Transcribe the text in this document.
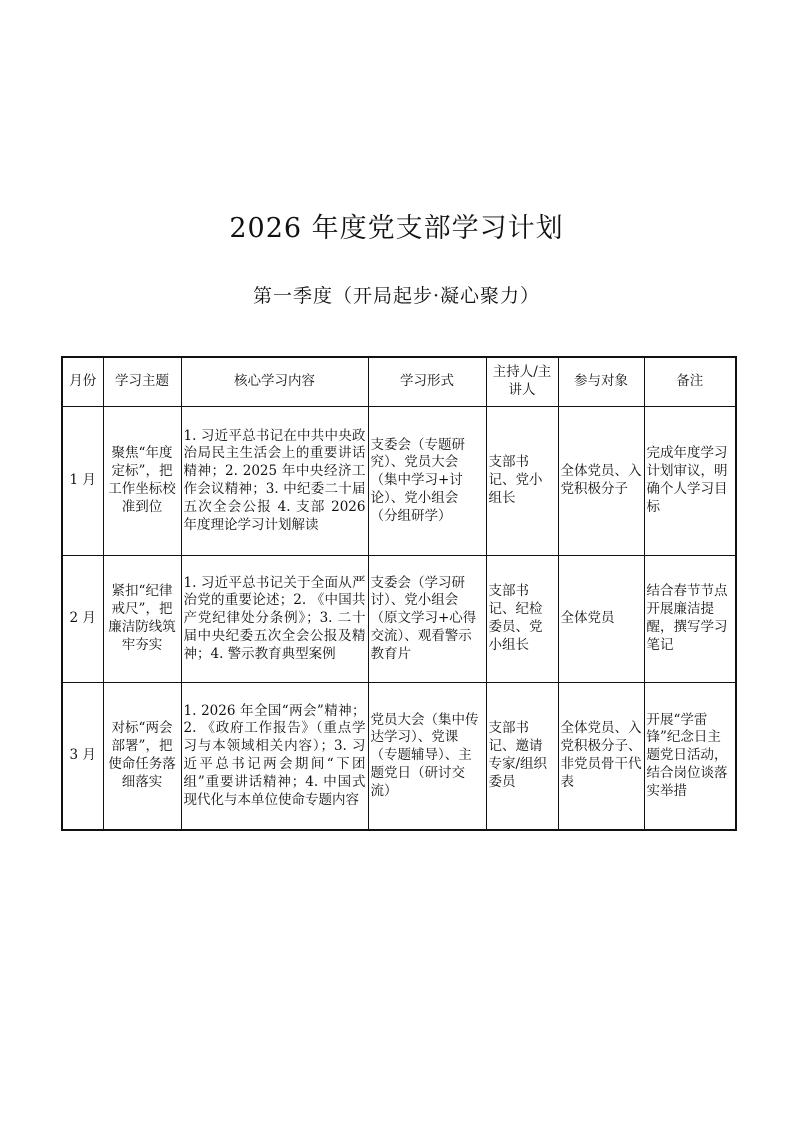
2026 年度党支部学习计划
第一季度（开局起步·凝心聚力）
月份	学习主题	核心学习内容	学习形式	主持人/主讲人	参与对象	备注
1 月	聚焦“年度定标”，把工作坐标校准到位	1. 习近平总书记在中共中央政治局民主生活会上的重要讲话精神；2. 2025 年中央经济工作会议精神；3. 中纪委二十届五次全会公报 4. 支部 2026 年度理论学习计划解读	支委会（专题研究）、党员大会（集中学习+讨论）、党小组会（分组研学）	支部书记、党小组长	全体党员、入党积极分子	完成年度学习计划审议，明确个人学习目标
2 月	紧扣“纪律戒尺”，把廉洁防线筑牢夯实	1. 习近平总书记关于全面从严治党的重要论述；2. 《中国共产党纪律处分条例》；3. 二十届中央纪委五次全会公报及精神；4. 警示教育典型案例	支委会（学习研讨）、党小组会（原文学习+心得交流）、观看警示教育片	支部书记、纪检委员、党小组长	全体党员	结合春节节点开展廉洁提醒，撰写学习笔记
3 月	对标“两会部署”，把使命任务落细落实	1. 2026 年全国“两会”精神；2. 《政府工作报告》（重点学习与本领域相关内容）；3. 习近平总书记两会期间“下团组”重要讲话精神；4. 中国式现代化与本单位使命专题内容	党员大会（集中传达学习）、党课（专题辅导）、主题党日（研讨交流）	支部书记、邀请专家/组织委员	全体党员、入党积极分子、非党员骨干代表	开展“学雷锋”纪念日主题党日活动，结合岗位谈落实举措
